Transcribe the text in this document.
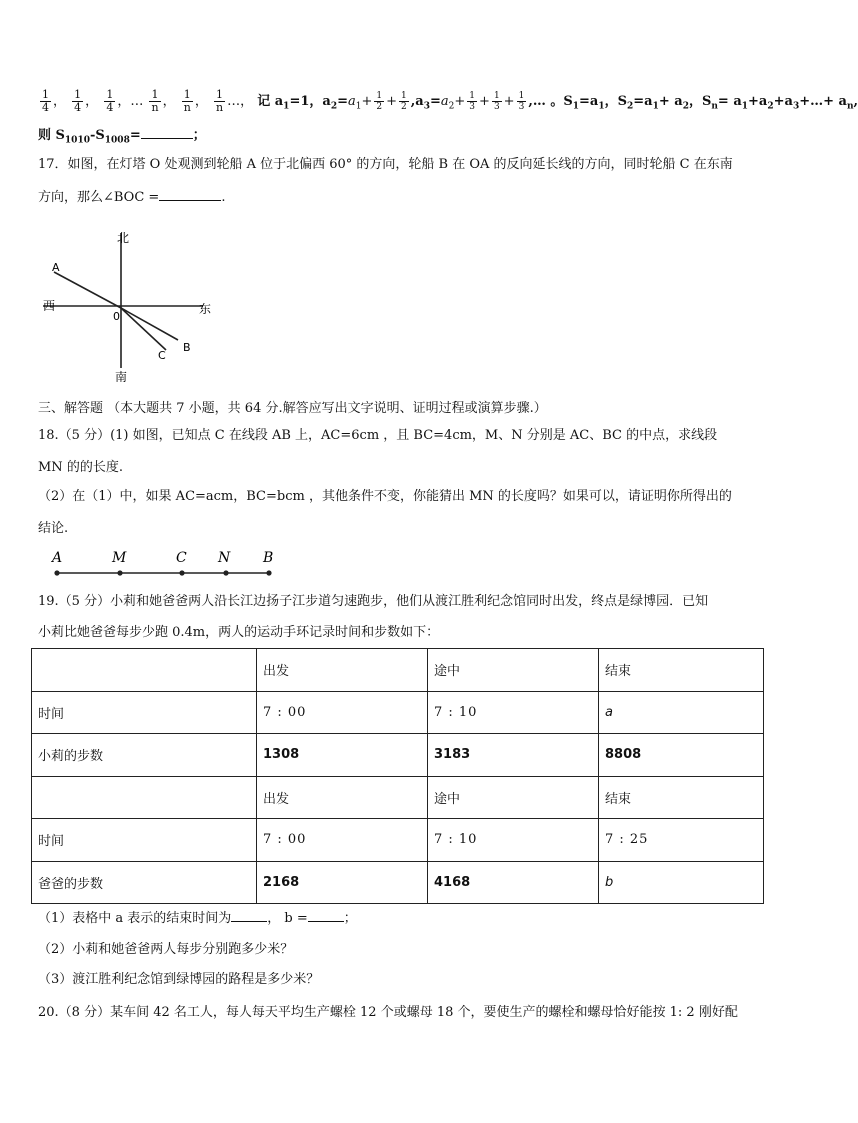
$\frac{1}{4}$ ， $\frac{1}{4}$ ， $\frac{1}{4}$ ，… $\frac{1}{n}$ ， $\frac{1}{n}$ ， $\frac{1}{n}$ …， 记 $a_1=1$，$a_2=a_1+ \frac{1}{2} + \frac{1}{2} ,a_3=a_2+ \frac{1}{3} + \frac{1}{3} + \frac{1}{3}$ ,… 。$S_1=a_1$，$S_2=a_1+ a_2$，$S_n=$ $a_1+a_2+a_3+\dots+ a_n$,
则 $S_{1010}-S_{1008}=$	；
17．如图，在灯塔 O 处观测到轮船 A 位于北偏西 60° 的方向，轮船 B 在 OA 的反向延长线的方向，同时轮船 C 在东南
方向，那么∠BOC =	.
北
南
西	东
0
A
B
C
三、解答题 （本大题共 7 小题，共 64 分.解答应写出文字说明、证明过程或演算步骤.）
18.（5 分）(1) 如图，已知点 C 在线段 AB 上，AC=6cm ，且 BC=4cm，M、N 分别是 AC、BC 的中点，求线段
MN 的的长度.
（2）在（1）中，如果 AC=acm，BC=bcm ，其他条件不变，你能猜出 MN 的长度吗？如果可以，请证明你所得出的
结论.
A	M	C N B
19.（5 分）小莉和她爸爸两人沿长江边扬子江步道匀速跑步，他们从渡江胜利纪念馆同时出发，终点是绿博园．已知
小莉比她爸爸每步少跑 0.4m，两人的运动手环记录时间和步数如下：
	出发	途中	结束
时间	7 : 00	7 : 10	a
小莉的步数	1308	3183	8808
	出发	途中	结束
时间	7 : 00	7 : 10	7 : 25
爸爸的步数	2168	4168	b
（1）表格中 a 表示的结束时间为	， b =	；
（2）小莉和她爸爸两人每步分别跑多少米？
（3）渡江胜利纪念馆到绿博园的路程是多少米？
20.（8 分）某车间 42 名工人，每人每天平均生产螺栓 12 个或螺母 18 个，要使生产的螺栓和螺母恰好能按 1: 2 刚好配
